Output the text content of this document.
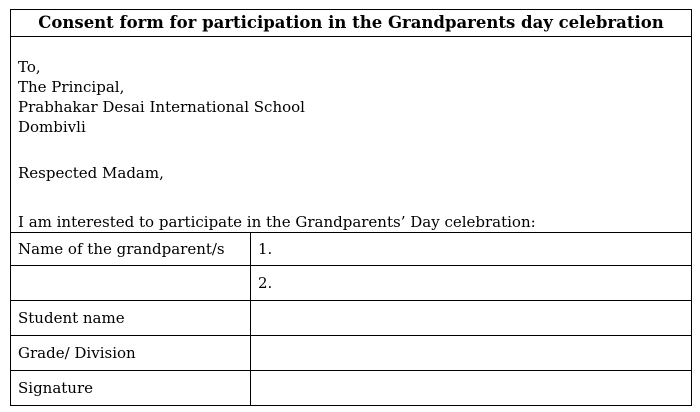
Consent form for participation in the Grandparents day celebration
To,
The Principal,
Prabhakar Desai International School
Dombivli
Respected Madam,
I am interested to participate in the Grandparents’ Day celebration:
Name of the grandparent/s	1.
2.
Student name
Grade/ Division
Signature
